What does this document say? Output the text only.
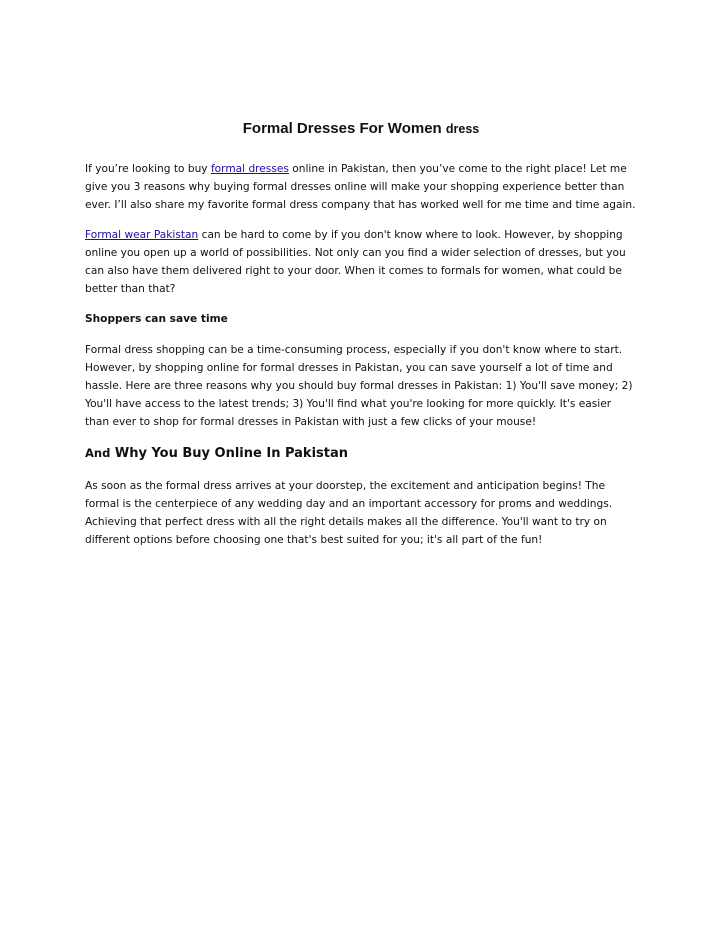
Formal Dresses For Women dress

If you’re looking to buy formal dresses online in Pakistan, then you’ve come to the right place! Let me give you 3 reasons why buying formal dresses online will make your shopping experience better than ever. I’ll also share my favorite formal dress company that has worked well for me time and time again.

Formal wear Pakistan can be hard to come by if you don't know where to look. However, by shopping online you open up a world of possibilities. Not only can you find a wider selection of dresses, but you can also have them delivered right to your door. When it comes to formals for women, what could be better than that?

Shoppers can save time

Formal dress shopping can be a time-consuming process, especially if you don't know where to start. However, by shopping online for formal dresses in Pakistan, you can save yourself a lot of time and hassle. Here are three reasons why you should buy formal dresses in Pakistan: 1) You'll save money; 2) You'll have access to the latest trends; 3) You'll find what you're looking for more quickly. It's easier than ever to shop for formal dresses in Pakistan with just a few clicks of your mouse!

And Why You Buy Online In Pakistan

As soon as the formal dress arrives at your doorstep, the excitement and anticipation begins! The formal is the centerpiece of any wedding day and an important accessory for proms and weddings. Achieving that perfect dress with all the right details makes all the difference. You'll want to try on different options before choosing one that's best suited for you; it's all part of the fun!
